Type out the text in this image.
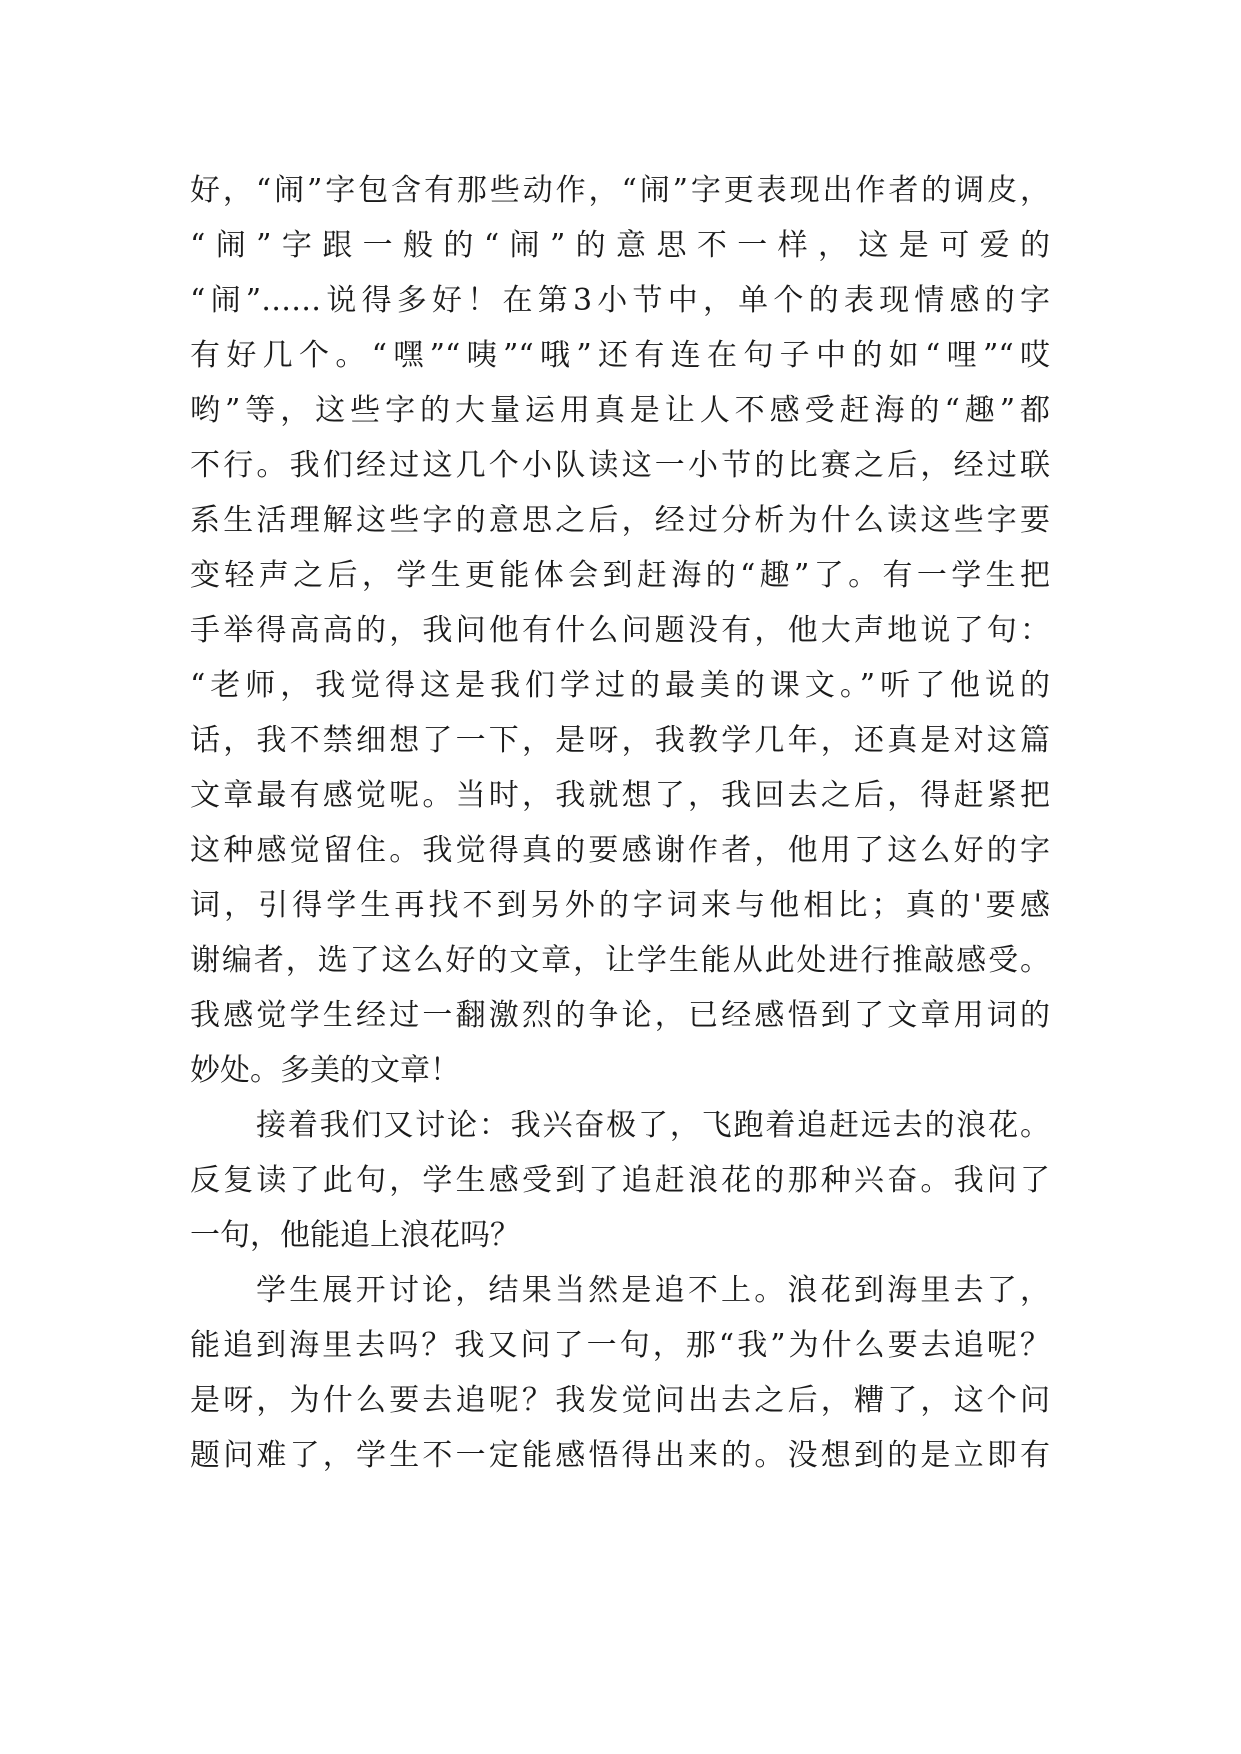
好，“闹”字包含有那些动作，“闹”字更表现出作者的调皮，
“闹”字跟一般的“闹”的意思不一样，这是可爱的
“闹”……说得多好！在第3小节中，单个的表现情感的字
有好几个。“嘿”“咦”“哦”还有连在句子中的如“哩”“哎
哟”等，这些字的大量运用真是让人不感受赶海的“趣”都
不行。我们经过这几个小队读这一小节的比赛之后，经过联
系生活理解这些字的意思之后，经过分析为什么读这些字要
变轻声之后，学生更能体会到赶海的“趣”了。有一学生把
手举得高高的，我问他有什么问题没有，他大声地说了句：
“老师，我觉得这是我们学过的最美的课文。”听了他说的
话，我不禁细想了一下，是呀，我教学几年，还真是对这篇
文章最有感觉呢。当时，我就想了，我回去之后，得赶紧把
这种感觉留住。我觉得真的要感谢作者，他用了这么好的字
词，引得学生再找不到另外的字词来与他相比；真的'要感
谢编者，选了这么好的文章，让学生能从此处进行推敲感受。
我感觉学生经过一翻激烈的争论，已经感悟到了文章用词的
妙处。多美的文章！
接着我们又讨论：我兴奋极了，飞跑着追赶远去的浪花。
反复读了此句，学生感受到了追赶浪花的那种兴奋。我问了
一句，他能追上浪花吗？
学生展开讨论，结果当然是追不上。浪花到海里去了，
能追到海里去吗？我又问了一句，那“我”为什么要去追呢？
是呀，为什么要去追呢？我发觉问出去之后，糟了，这个问
题问难了，学生不一定能感悟得出来的。没想到的是立即有
